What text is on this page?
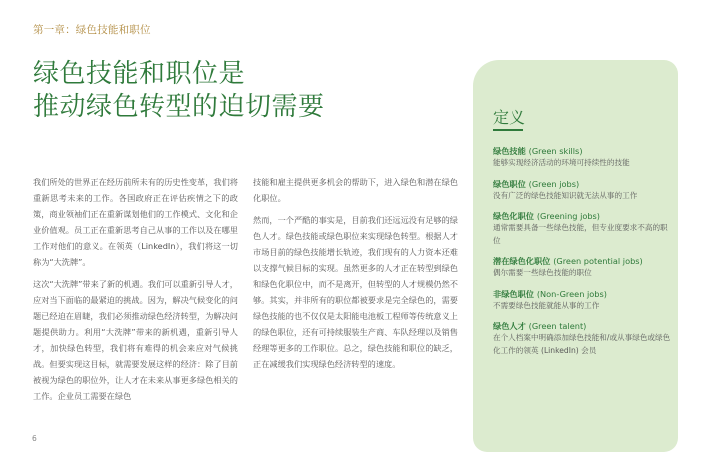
第一章：绿色技能和职位
绿色技能和职位是
推动绿色转型的迫切需要

我们所处的世界正在经历前所未有的历史性变革，我们将重新思考未来的工作。各国政府正在评估疾情之下的政策，商业领袖们正在重新谋划他们的工作模式、文化和企业价值观。员工正在重新思考自己从事的工作以及在哪里工作对他们的意义。在领英（LinkedIn），我们将这一切称为“大洗牌”。

这次“大洗牌”带来了新的机遇。我们可以重新引导人才，应对当下面临的最紧迫的挑战。因为，解决气候变化的问题已经迫在眉睫，我们必须推动绿色经济转型，为解决问题提供助力。利用“大洗牌”带来的新机遇，重新引导人才，加快绿色转型，我们将有难得的机会来应对气候挑战。但要实现这目标，就需要发展这样的经济：除了目前被视为绿色的职位外，让人才在未来从事更多绿色相关的工作。企业员工需要在绿色

技能和雇主提供更多机会的帮助下，进入绿色和潜在绿色化职位。

然而，一个严酷的事实是，目前我们还远远没有足够的绿色人才。绿色技能或绿色职位来实现绿色转型。根据人才市场目前的绿色技能增长轨迹，我们现有的人力资本还难以支撑气候目标的实现。虽然更多的人才正在转型到绿色和绿色化职位中，而不是离开，但转型的人才规模仍然不够。其实，并非所有的职位都被要求是完全绿色的，需要绿色技能的也不仅仅是太阳能电池板工程师等传统意义上的绿色职位，还有可持续服装生产商、车队经理以及销售经理等更多的工作职位。总之，绿色技能和职位的缺乏，正在减缓我们实现绿色经济转型的速度。

6
定义
绿色技能 (Green skills)
能够实现经济活动的环境可持续性的技能
绿色职位 (Green jobs)
没有广泛的绿色技能知识就无法从事的工作
绿色化职位 (Greening jobs)
通常需要具备一些绿色技能，但专业度要求不高的职位
潜在绿色化职位 (Green potential jobs)
偶尔需要一些绿色技能的职位
非绿色职位 (Non-Green jobs)
不需要绿色技能就能从事的工作
绿色人才 (Green talent)
在个人档案中明确添加绿色技能和/或从事绿色或绿色化工作的领英 (LinkedIn) 会员
